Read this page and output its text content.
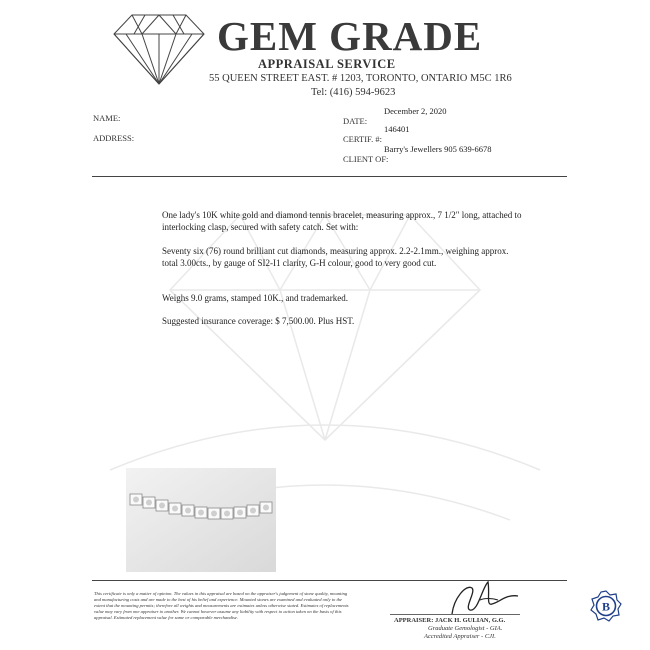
GEM GRADE
APPRAISAL SERVICE
55 QUEEN STREET EAST. # 1203, TORONTO, ONTARIO M5C 1R6
Tel: (416) 594-9623
NAME:
ADDRESS:
December 2, 2020
DATE:
146401
CERTIF. #:
Barry's Jewellers 905 639-6678
CLIENT OF:
One lady's 10K white gold and diamond tennis bracelet, measuring approx., 7 1/2" long, attached to interlocking clasp, secured with safety catch. Set with:
Seventy six (76) round brilliant cut diamonds, measuring approx. 2.2-2.1mm., weighing approx. total 3.00cts., by gauge of SI2-I1 clarity, G-H colour, good to very good cut.
Weighs 9.0 grams, stamped 10K., and trademarked.
Suggested insurance coverage: $ 7,500.00. Plus HST.
This certificate is only a matter of opinion. The values in this appraisal are based on the appraiser's judgement of stone quality, mounting and manufacturing costs and are made to the best of his belief and experience. Mounted stones are examined and evaluated only to the extent that the mounting permits; therefore all weights and measurements are estimates unless otherwise stated. Estimates of replacements value may vary from one appraiser to another. We cannot however assume any liability with respect to action taken on the basis of this appraisal. Estimated replacement value for same or comparable merchandise.	APPRAISER: JACK H. GULIAN, G.G.
Graduate Gemologist - GIA.
Accredited Appraiser - CJI.
B
